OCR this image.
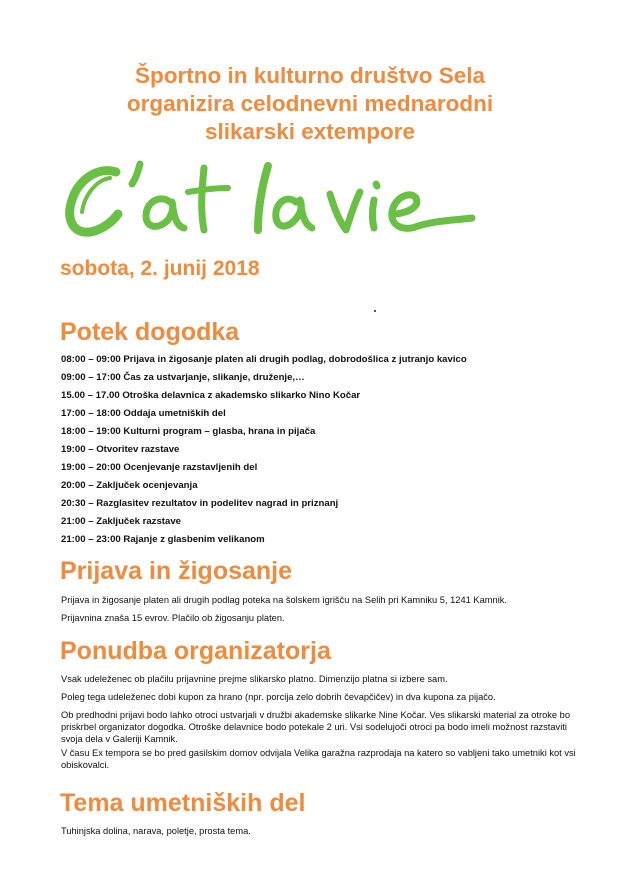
Športno in kulturno društvo Sela
organizira celodnevni mednarodni
slikarski extempore
sobota, 2. junij 2018
Potek dogodka
08:00 – 09:00 Prijava in žigosanje platen ali drugih podlag, dobrodošlica z jutranjo kavico
09:00 – 17:00 Čas za ustvarjanje, slikanje, druženje,…
15.00 – 17.00 Otroška delavnica z akademsko slikarko Nino Kočar
17:00 – 18:00 Oddaja umetniških del
18:00 – 19:00 Kulturni program – glasba, hrana in pijača
19:00 – Otvoritev razstave
19:00 – 20:00 Ocenjevanje razstavljenih del
20:00 – Zaključek ocenjevanja
20:30 – Razglasitev rezultatov in podelitev nagrad in priznanj
21:00 – Zaključek razstave
21:00 – 23:00 Rajanje z glasbenim velikanom
Prijava in žigosanje
Prijava in žigosanje platen ali drugih podlag poteka na šolskem igrišču na Selih pri Kamniku 5, 1241 Kamnik.
Prijavnina znaša 15 evrov. Plačilo ob žigosanju platen.
Ponudba organizatorja
Vsak udeleženec ob plačilu prijavnine prejme slikarsko platno. Dimenzijo platna si izbere sam.
Poleg tega udeleženec dobi kupon za hrano (npr. porcija zelo dobrih čevapčičev) in dva kupona za pijačo.
Ob predhodni prijavi bodo lahko otroci ustvarjali v družbi akademske slikarke Nine Kočar. Ves slikarski material za otroke bo priskrbel organizator dogodka. Otroške delavnice bodo potekale 2 uri. Vsi sodelujoči otroci pa bodo imeli možnost razstaviti svoja dela v Galeriji Kamnik.
V času Ex tempora se bo pred gasilskim domov odvijala Velika garažna razprodaja na katero so vabljeni tako umetniki kot vsi obiskovalci.
Tema umetniških del
Tuhinjska dolina, narava, poletje, prosta tema.
